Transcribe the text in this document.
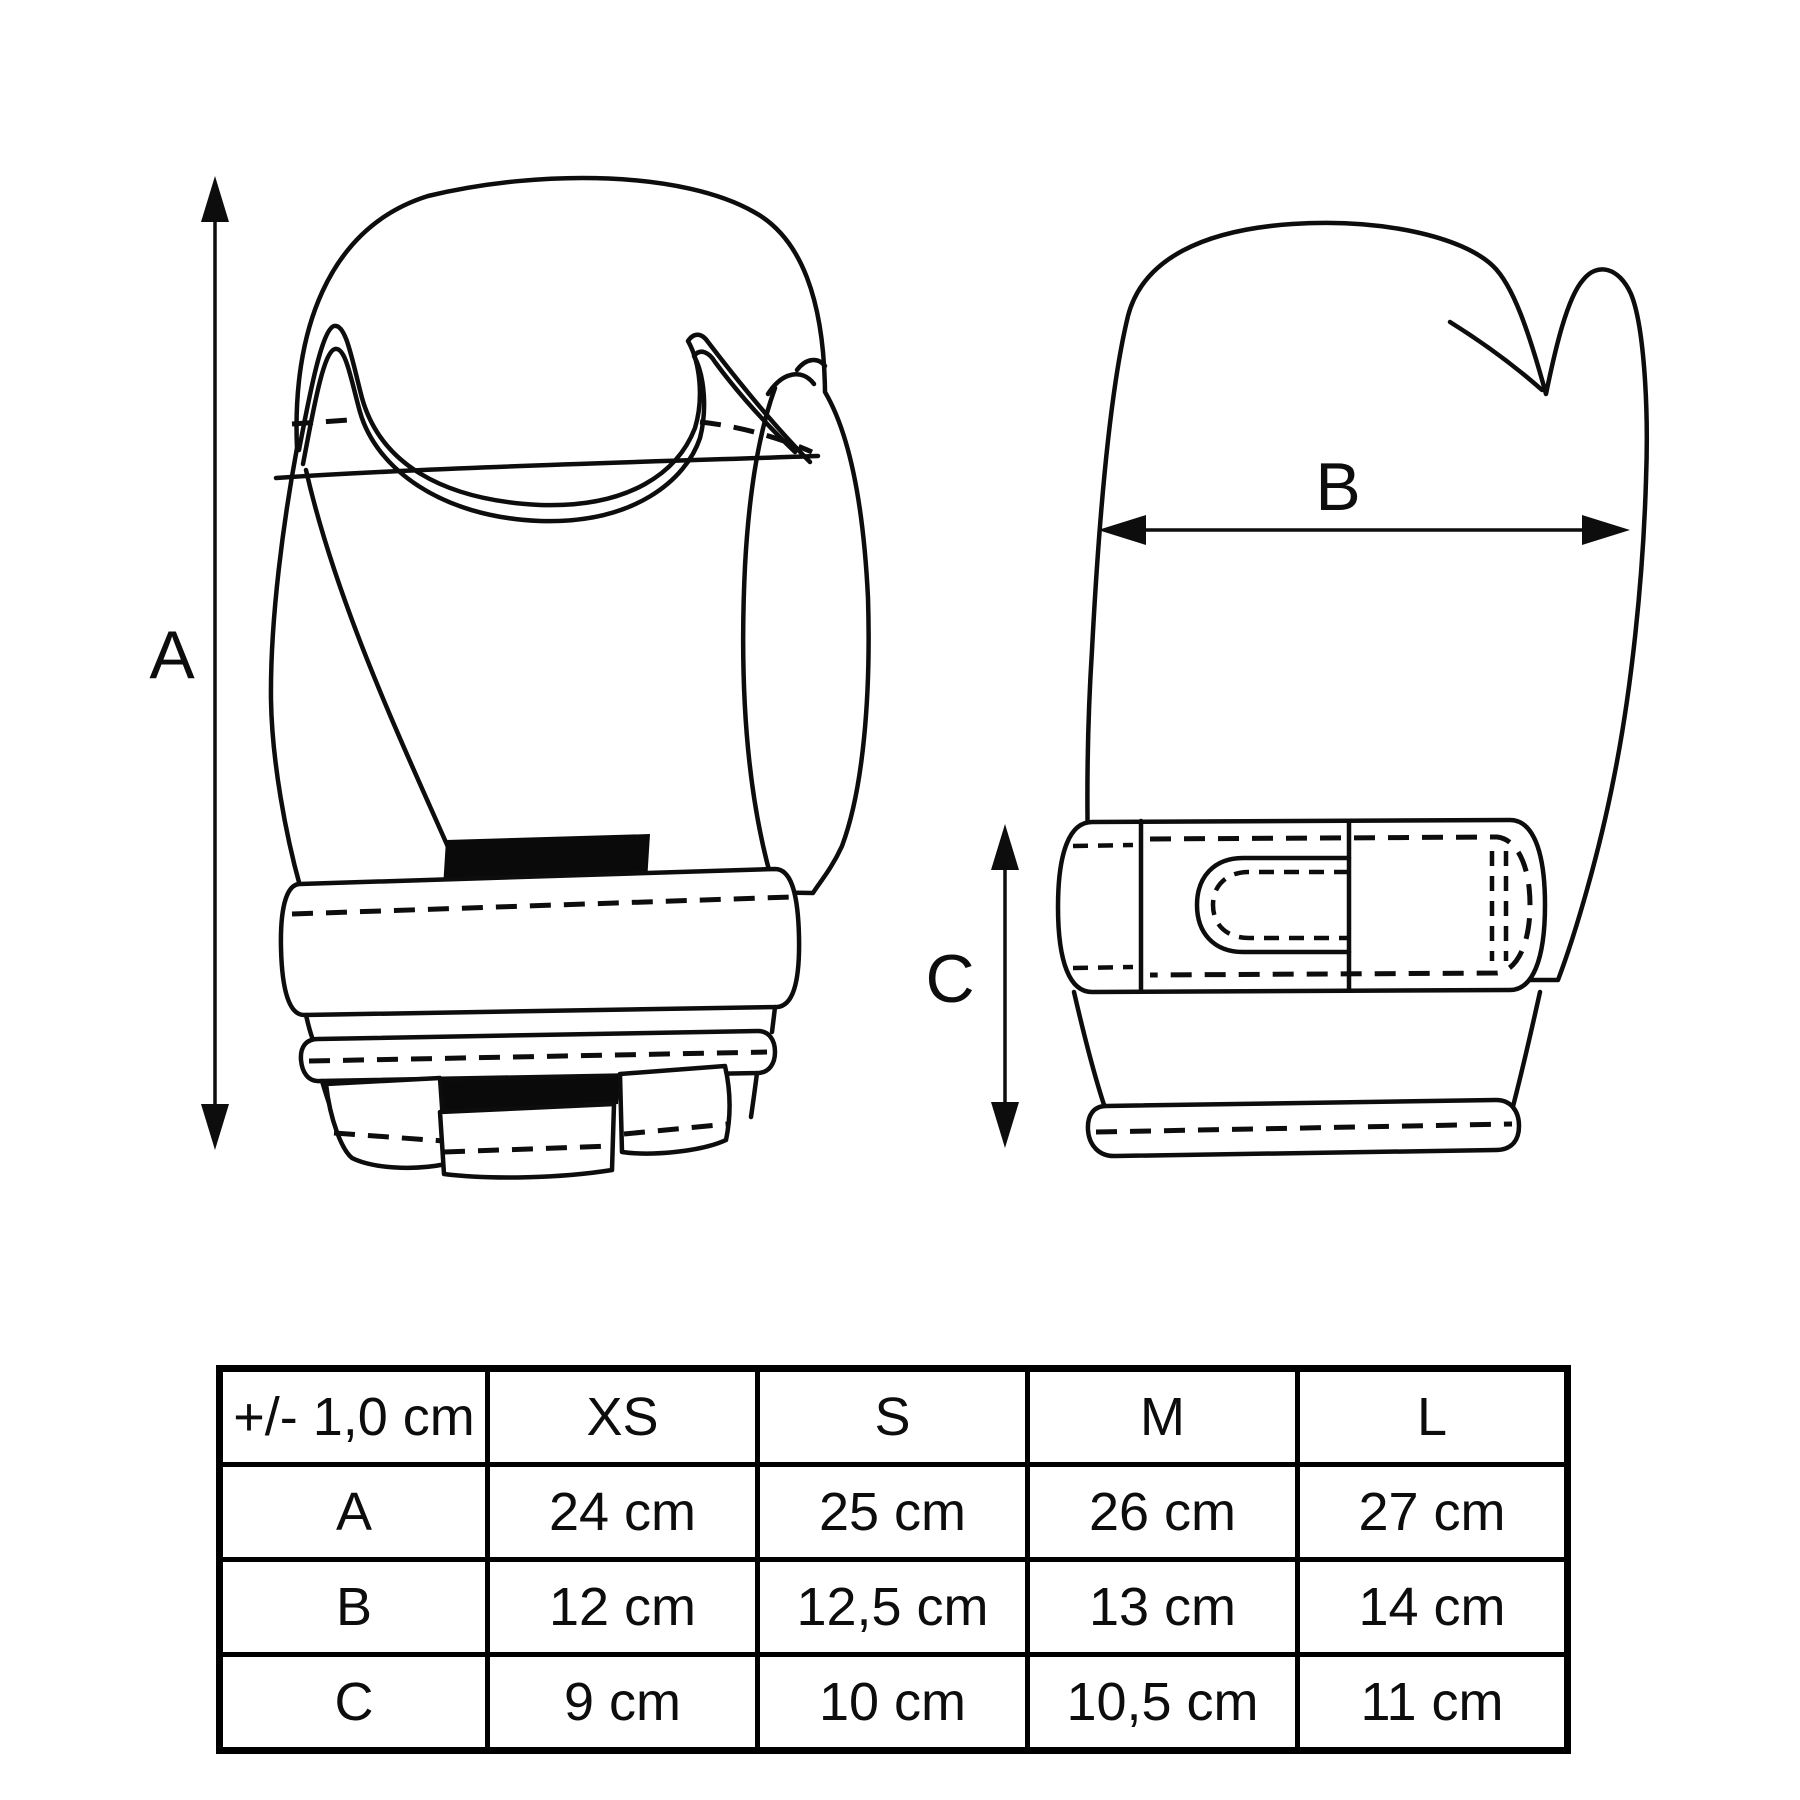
A
B
C
+/- 1,0 cm	XS	S	M	L
A	24 cm	25 cm	26 cm	27 cm
B	12 cm	12,5 cm	13 cm	14 cm
C	9 cm	10 cm	10,5 cm	11 cm
